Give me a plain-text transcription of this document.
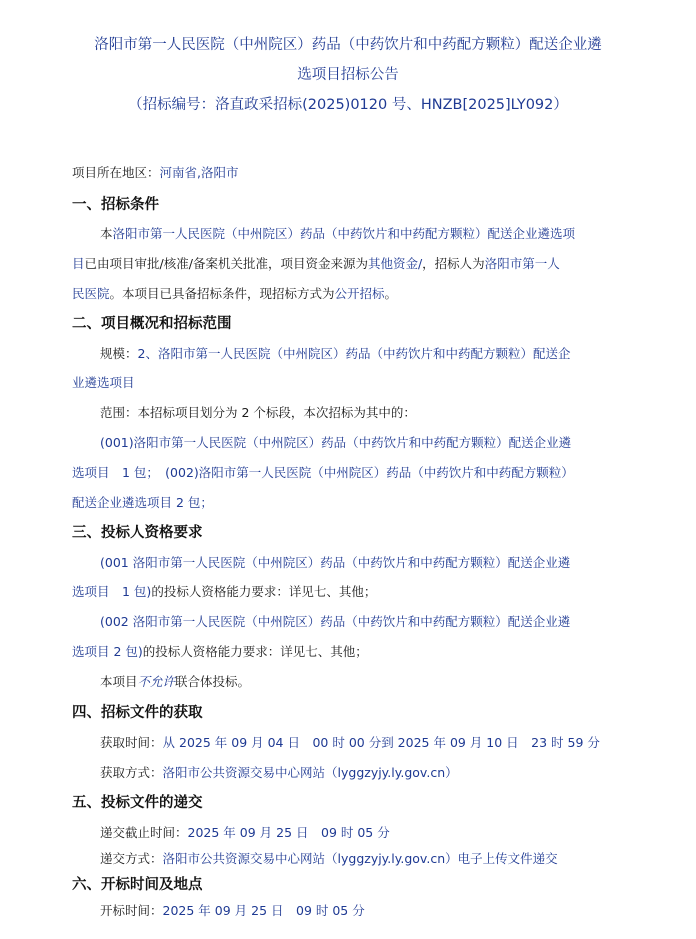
洛阳市第一人民医院（中州院区）药品（中药饮片和中药配方颗粒）配送企业遴
选项目招标公告
（招标编号：洛直政采招标(2025)0120 号、HNZB[2025]LY092）
项目所在地区：河南省,洛阳市
一、招标条件
本洛阳市第一人民医院（中州院区）药品（中药饮片和中药配方颗粒）配送企业遴选项
目已由项目审批/核准/备案机关批准，项目资金来源为其他资金/，招标人为洛阳市第一人
民医院。本项目已具备招标条件，现招标方式为公开招标。
二、项目概况和招标范围
规模：2、洛阳市第一人民医院（中州院区）药品（中药饮片和中药配方颗粒）配送企
业遴选项目
范围：本招标项目划分为 2 个标段，本次招标为其中的：
(001)洛阳市第一人民医院（中州院区）药品（中药饮片和中药配方颗粒）配送企业遴
选项目　1 包；　(002)洛阳市第一人民医院（中州院区）药品（中药饮片和中药配方颗粒）
配送企业遴选项目 2 包；
三、投标人资格要求
(001 洛阳市第一人民医院（中州院区）药品（中药饮片和中药配方颗粒）配送企业遴
选项目　1 包)的投标人资格能力要求：详见七、其他；
(002 洛阳市第一人民医院（中州院区）药品（中药饮片和中药配方颗粒）配送企业遴
选项目 2 包)的投标人资格能力要求：详见七、其他；
本项目不允许联合体投标。
四、招标文件的获取
获取时间：从 2025 年 09 月 04 日　00 时 00 分到 2025 年 09 月 10 日　23 时 59 分
获取方式：洛阳市公共资源交易中心网站（lyggzyjy.ly.gov.cn）
五、投标文件的递交
递交截止时间：2025 年 09 月 25 日　09 时 05 分
递交方式：洛阳市公共资源交易中心网站（lyggzyjy.ly.gov.cn）电子上传文件递交
六、开标时间及地点
开标时间：2025 年 09 月 25 日　09 时 05 分
